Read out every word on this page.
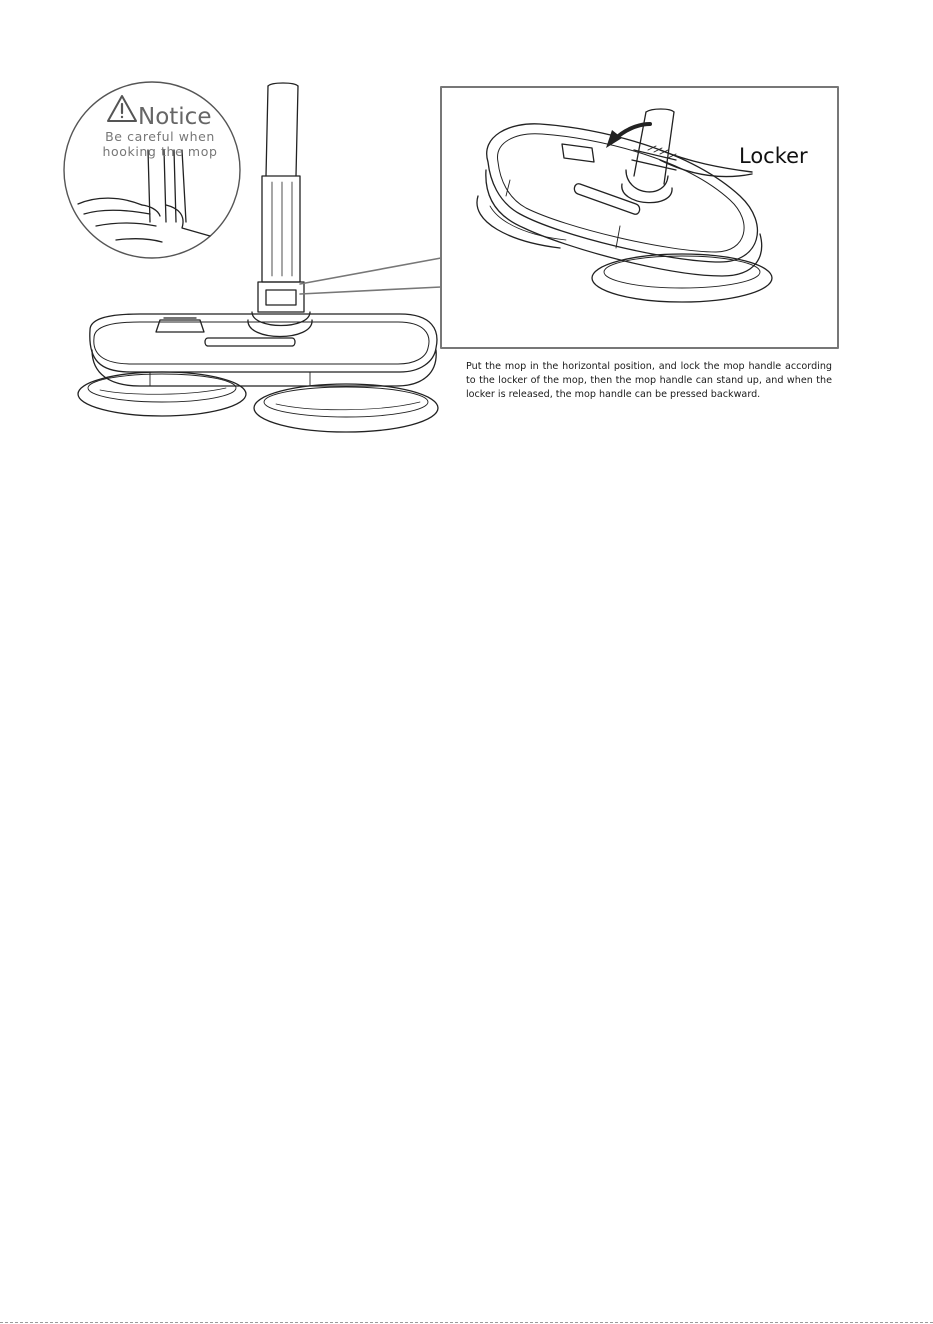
Notice
Be careful when
hooking the mop	Locker

Put the mop in the horizontal position, and lock the mop handle according to the locker of the mop, then the mop handle can stand up, and when the locker is released, the mop handle can be pressed backward.
